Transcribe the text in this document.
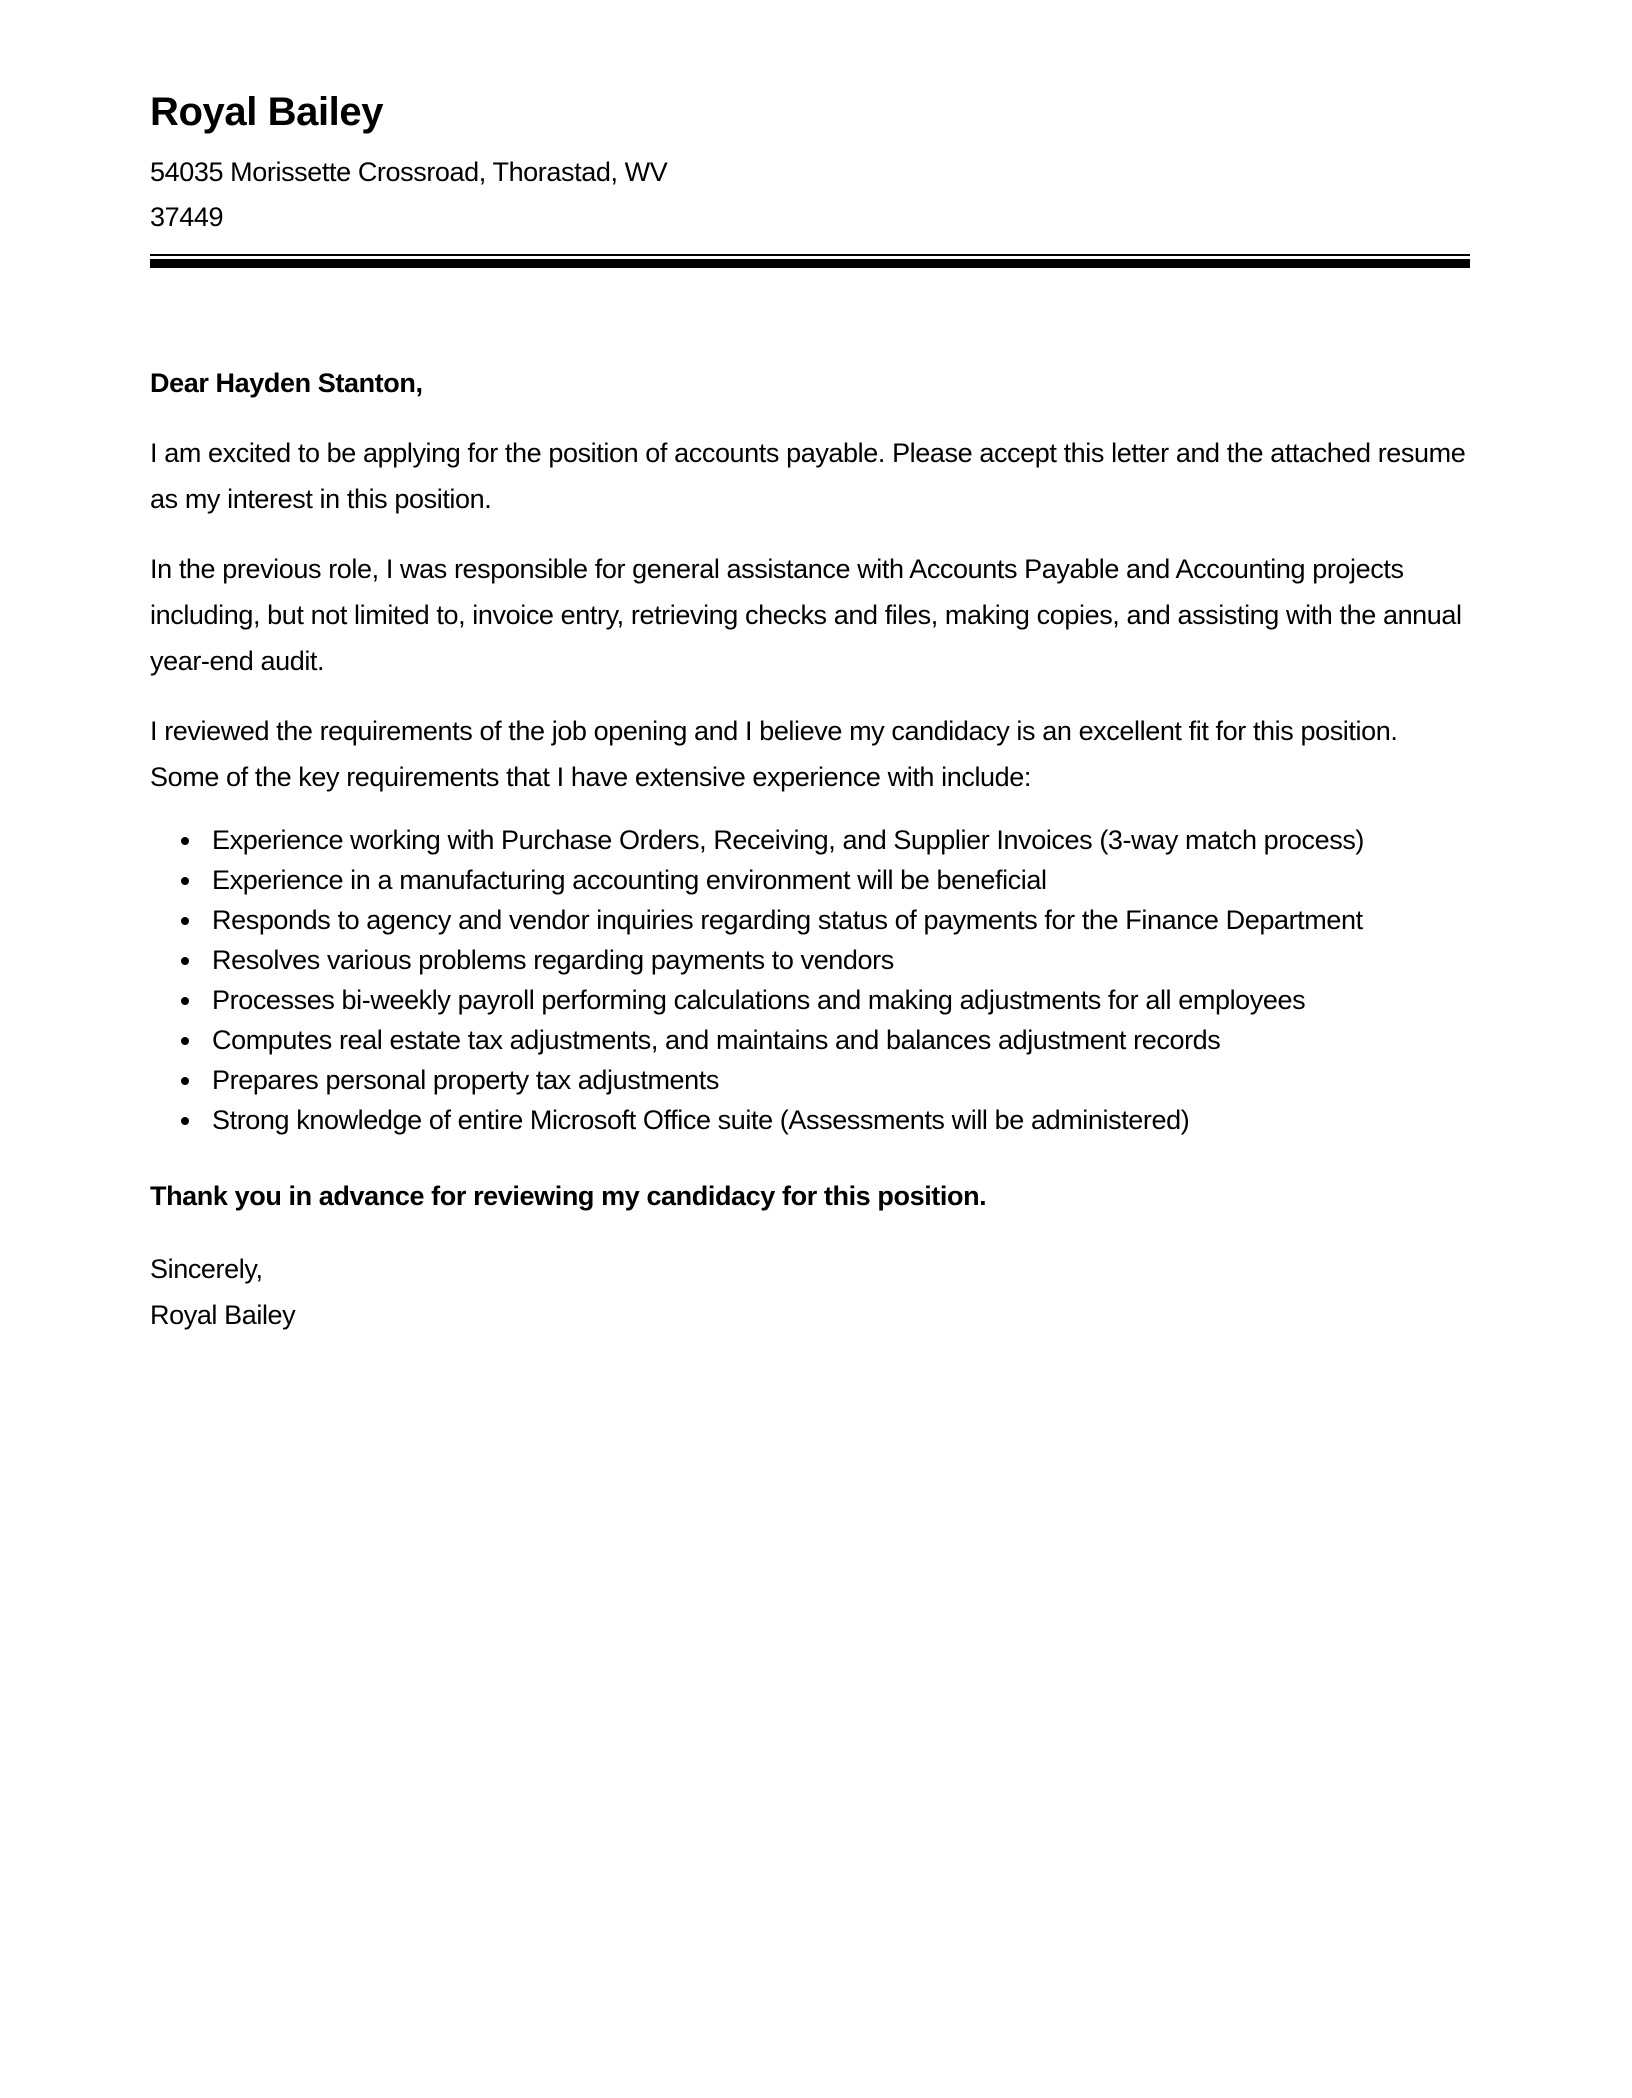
Royal Bailey
54035 Morissette Crossroad, Thorastad, WV
37449

Dear Hayden Stanton,

I am excited to be applying for the position of accounts payable. Please accept this letter and the attached resume as my interest in this position.

In the previous role, I was responsible for general assistance with Accounts Payable and Accounting projects including, but not limited to, invoice entry, retrieving checks and files, making copies, and assisting with the annual year-end audit.

I reviewed the requirements of the job opening and I believe my candidacy is an excellent fit for this position. Some of the key requirements that I have extensive experience with include:

• Experience working with Purchase Orders, Receiving, and Supplier Invoices (3-way match process)
• Experience in a manufacturing accounting environment will be beneficial
• Responds to agency and vendor inquiries regarding status of payments for the Finance Department
• Resolves various problems regarding payments to vendors
• Processes bi-weekly payroll performing calculations and making adjustments for all employees
• Computes real estate tax adjustments, and maintains and balances adjustment records
• Prepares personal property tax adjustments
• Strong knowledge of entire Microsoft Office suite (Assessments will be administered)

Thank you in advance for reviewing my candidacy for this position.

Sincerely,
Royal Bailey
